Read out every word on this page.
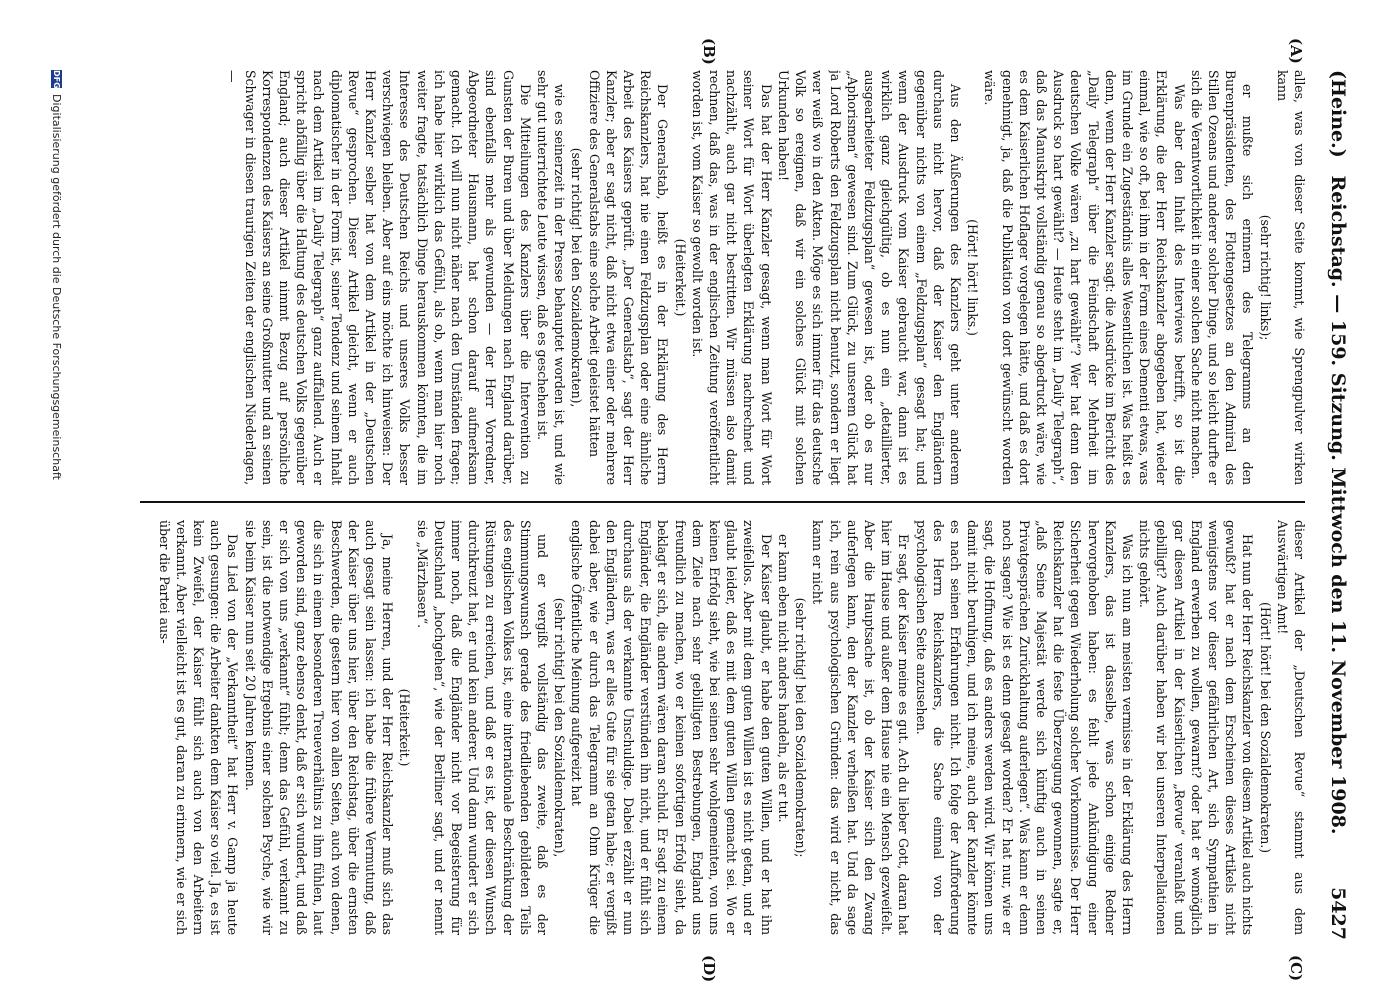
(Heine.)
Reichstag. — 159. Sitzung. Mittwoch den 11. November 1908.
5427
(A)
(B)
(C)
(D)

alles, was von dieser Seite kommt, wie Sprengpulver wirken kann

(sehr richtig! links);

er mußte sich erinnern des Telegramms an den Burenpräsidenten, des Flottengesetzes an den Admiral des Stillen Ozeans und anderer solcher Dinge, und so leicht durfte er sich die Verantwortlichkeit in einer solchen Sache nicht machen.

Was aber den Inhalt des Interviews betrifft, so ist die Erklärung, die der Herr Reichskanzler abgegeben hat, wieder einmal, wie so oft, bei ihm in der Form eines Dementi etwas, was im Grunde ein Zugeständnis alles Wesentlichen ist. Was heißt es denn, wenn der Herr Kanzler sagt: die Ausdrücke im Bericht des „Daily Telegraph“ über die Feindschaft der Mehrheit im deutschen Volke wären „zu hart gewählt“? Wer hat denn den Ausdruck so hart gewählt? — Heute steht im „Daily Telegraph“, daß das Manuskript vollständig genau so abgedruckt wäre, wie es dem Kaiserlichen Hoflager vorgelegen hätte, und daß es dort genehmigt, ja, daß die Publikation von dort gewünscht worden wäre.

(Hört! hört! links.)

Aus den Äußerungen des Kanzlers geht unter anderem durchaus nicht hervor, daß der Kaiser den Engländern gegenüber nichts von einem „Feldzugsplan“ gesagt hat; und wenn der Ausdruck vom Kaiser gebraucht war, dann ist es wirklich ganz gleichgültig, ob es nun ein „detaillierter, ausgearbeiteter Feldzugsplan“ gewesen ist, oder ob es nur „Aphorismen“ gewesen sind. Zum Glück, zu unserem Glück hat ja Lord Roberts den Feldzugsplan nicht benutzt, sondern er liegt wer weiß wo in den Akten. Möge es sich immer für das deutsche Volk so ereignen, daß wir ein solches Glück mit solchen Urkunden haben!

Das hat der Herr Kanzler gesagt, wenn man Wort für Wort seiner Wort für Wort überlegten Erklärung nachrechnet und nachzählt, auch gar nicht bestritten. Wir müssen also damit rechnen, daß das, was in der englischen Zeitung veröffentlicht worden ist, vom Kaiser so gewollt worden ist.

(Heiterkeit.)

Der Generalstab, heißt es in der Erklärung des Herrn Reichskanzlers, hat nie einen Feldzugsplan oder eine ähnliche Arbeit des Kaisers geprüft. „Der Generalstab“, sagt der Herr Kanzler; aber er sagt nicht, daß nicht etwa einer oder mehrere Offiziere des Generalstabs eine solche Arbeit geleistet hätten

(sehr richtig! bei den Sozialdemokraten),

wie es seinerzeit in der Presse behauptet worden ist, und wie sehr gut unterrichtete Leute wissen, daß es geschehen ist.

Die Mitteilungen des Kanzlers über die Intervention zu Gunsten der Buren und über Meldungen nach England darüber, sind ebenfalls mehr als gewunden — der Herr Vorredner, Abgeordneter Hausmann, hat schon darauf aufmerksam gemacht. Ich will nun nicht näher nach den Umständen fragen; ich habe hier wirklich das Gefühl, als ob, wenn man hier noch weiter fragte, tatsächlich Dinge herauskommen könnten, die im Interesse des Deutschen Reichs und unseres Volks besser verschwiegen bleiben. Aber auf eins möchte ich hinweisen: Der Herr Kanzler selber hat von dem Artikel in der „Deutschen Revue“ gesprochen. Dieser Artikel gleicht, wenn er auch diplomatischer in der Form ist, seiner Tendenz und seinem Inhalt nach dem Artikel im „Daily Telegraph“ ganz auffallend. Auch er spricht abfällig über die Haltung des deutschen Volks gegenüber England; auch dieser Artikel nimmt Bezug auf persönliche Korrespondenzen des Kaisers an seine Großmutter und an seinen Schwager in diesen traurigen Zeiten der englischen Niederlagen, —

dieser Artikel der „Deutschen Revue“ stammt aus dem Auswärtigen Amt!

(Hört! hört! bei den Sozialdemokraten.)

Hat nun der Herr Reichskanzler von diesem Artikel auch nichts gewußt? hat er nach dem Erscheinen dieses Artikels nicht wenigstens vor dieser gefährlichen Art, sich Sympathien in England erwerben zu wollen, gewarnt? oder hat er womöglich gar diesen Artikel in der Kaiserlichen „Revue“ veranlaßt und gebilligt? Auch darüber haben wir bei unseren Interpellationen nichts gehört.

Was ich nun am meisten vermisse in der Erklärung des Herrn Kanzlers, das ist dasselbe, was schon einige Redner hervorgehoben haben: es fehlt jede Ankündigung einer Sicherheit gegen Wiederholung solcher Vorkommnisse. Der Herr Reichskanzler hat die feste Überzeugung gewonnen, sagte er, „daß Seine Majestät werde sich künftig auch in seinen Privatgesprächen Zurückhaltung auferlegen“. Was kann er denn noch sagen? Wie ist es denn gesagt worden? Er hat nur, wie er sagt, die Hoffnung, daß es anders werden wird. Wir können uns damit nicht beruhigen, und ich meine, auch der Kanzler könnte es nach seinen Erfahrungen nicht. Ich folge der Aufforderung des Herrn Reichskanzlers, die Sache einmal von der psychologischen Seite anzusehen.

Er sagt, der Kaiser meine es gut. Ach du lieber Gott, daran hat hier im Hause und außer dem Hause nie ein Mensch gezweifelt. Aber die Hauptsache ist, ob der Kaiser sich den Zwang auferlegen kann, den der Kanzler verheißen hat. Und da sage ich, rein aus psychologischen Gründen: das wird er nicht, das kann er nicht

(sehr richtig! bei den Sozialdemokraten);

er kann eben nicht anders handeln, als er tut.

Der Kaiser glaubt, er habe den guten Willen, und er hat ihn zweifellos. Aber mit dem guten Willen ist es nicht getan, und er glaubt leider, daß es mit dem guten Willen gemacht sei. Wo er keinen Erfolg sieht, wie bei seinen sehr wohlgemeinten, von uns dem Ziele nach sehr gebilligten Bestrebungen, England uns freundlich zu machen, wo er keinen sofortigen Erfolg sieht, da beklagt er sich, die andern wären daran schuld. Er sagt zu einem Engländer, die Engländer verstünden ihn nicht, und er fühlt sich durchaus als der verkannte Unschuldige. Dabei erzählt er nun den Engländern, was er alles Gute für sie getan habe; er vergißt dabei aber, wie er durch das Telegramm an Ohm Krüger die englische Öffentliche Meinung aufgereizt hat

(sehr richtig! bei den Sozialdemokraten),

und er vergißt vollständig das zweite, daß es der Stimmungswunsch gerade des friedliebenden gebildeten Teils des englischen Volkes ist, eine internationale Beschränkung der Rüstungen zu erreichen, und daß er es ist, der diesen Wunsch durchkreuzt hat, er und kein anderer. Und dann wundert er sich immer noch, daß die Engländer nicht vor Begeisterung für Deutschland „hochgehen“, wie der Berliner sagt, und er nennt sie „Märzhasen“.

(Heiterkeit.)

Ja, meine Herren, und der Herr Reichskanzler muß sich das auch gesagt sein lassen: ich habe die frühere Vermutung, daß der Kaiser über uns hier, über den Reichstag, über die ernsten Beschwerden, die gestern hier von allen Seiten, auch von denen, die sich in einem besonderen Treueverhältnis zu ihm fühlen, laut geworden sind, ganz ebenso denkt, daß er sich wundert, und daß er sich von uns „verkannt“ fühlt; denn das Gefühl, verkannt zu sein, ist die notwendige Ergebnis einer solchen Psyche, wie wir sie beim Kaiser nun seit 20 Jahren kennen.

Das Lied von der „Verkanntheit“ hat Herr v. Gamp ja heute auch gesungen: die Arbeiter dankten dem Kaiser so viel. Ja, es ist kein Zweifel, der Kaiser fühlt sich auch von den Arbeitern verkannt. Aber vielleicht ist es gut, daran zu erinnern, wie er sich über die Partei aus-

DFG
Digitalisierung gefördert durch die Deutsche Forschungsgemeinschaft
